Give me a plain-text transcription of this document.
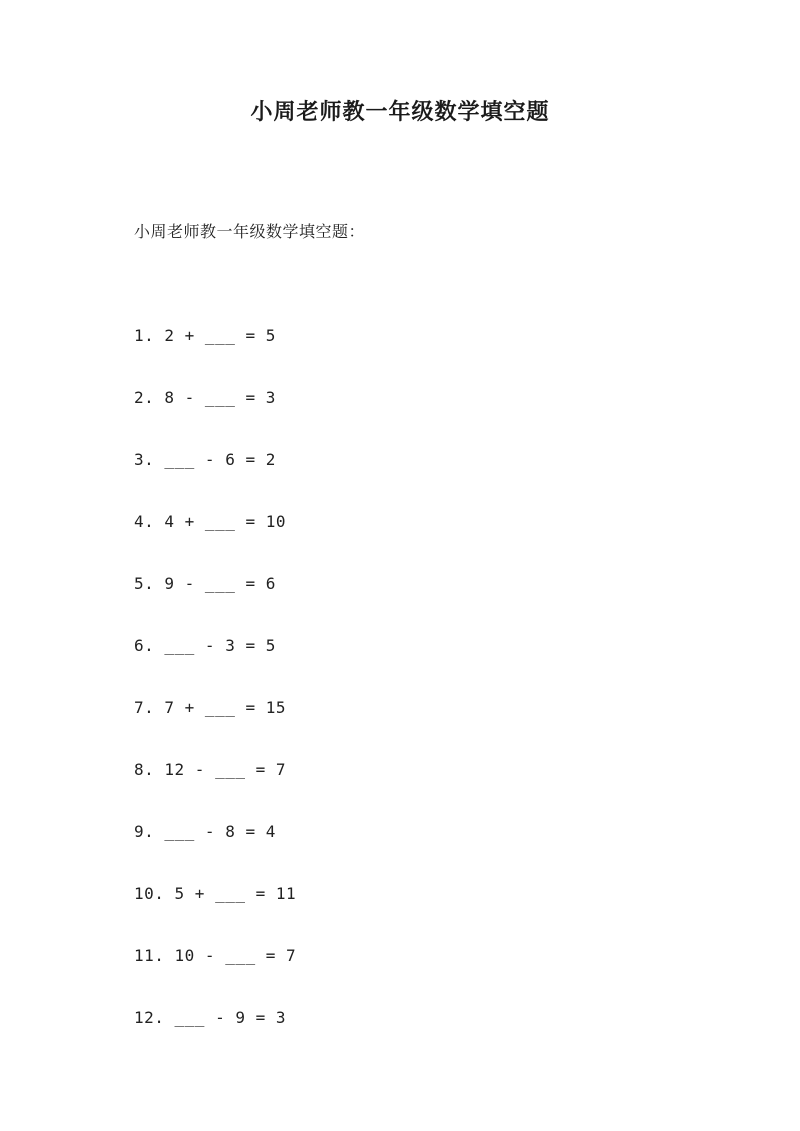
小周老师教一年级数学填空题

小周老师教一年级数学填空题：

1. 2 + ___ = 5
2. 8 - ___ = 3
3. ___ - 6 = 2
4. 4 + ___ = 10
5. 9 - ___ = 6
6. ___ - 3 = 5
7. 7 + ___ = 15
8. 12 - ___ = 7
9. ___ - 8 = 4
10. 5 + ___ = 11
11. 10 - ___ = 7
12. ___ - 9 = 3
